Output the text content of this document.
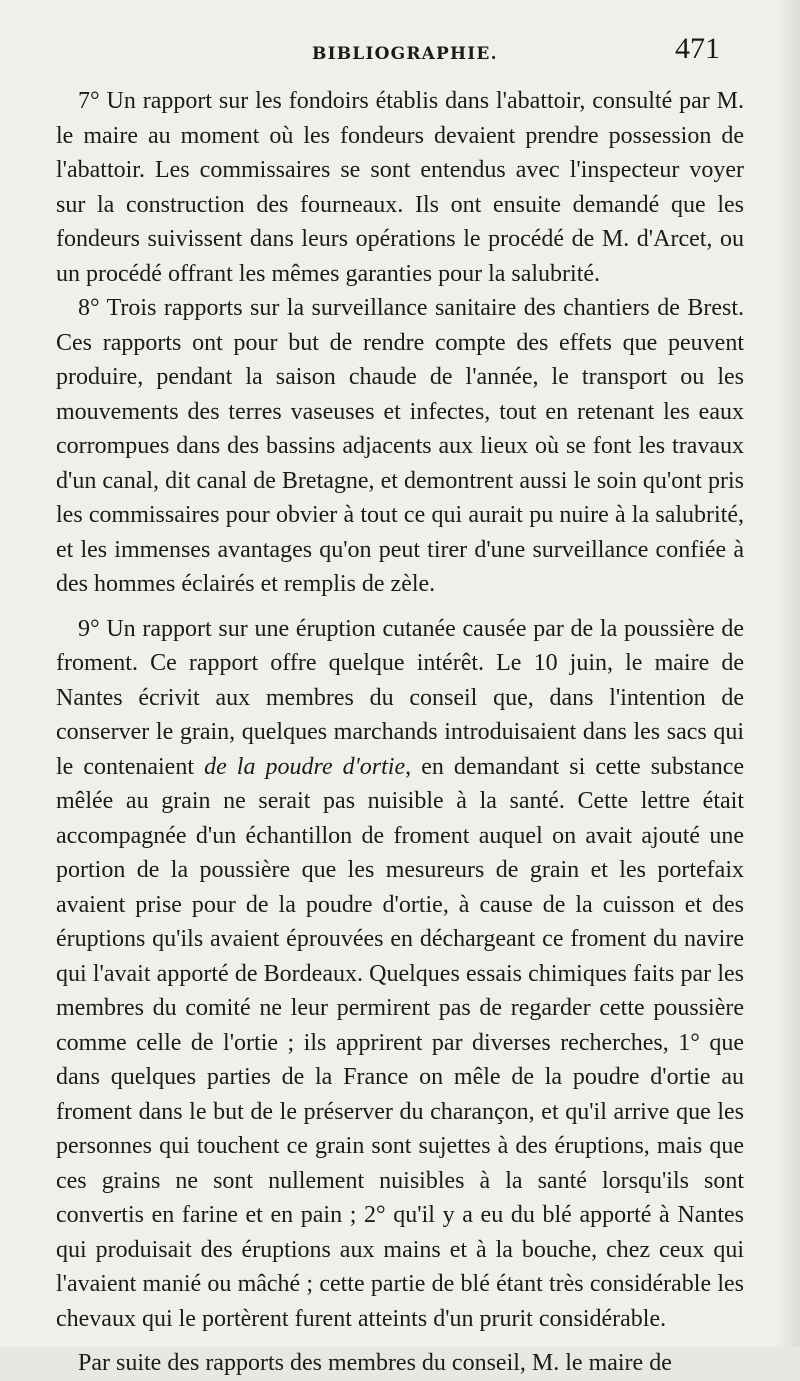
BIBLIOGRAPHIE.	471

7° Un rapport sur les fondoirs établis dans l'abattoir, consulté par M. le maire au moment où les fondeurs devaient prendre possession de l'abattoir. Les commissaires se sont entendus avec l'inspecteur voyer sur la construction des fourneaux. Ils ont ensuite demandé que les fondeurs suivissent dans leurs opérations le procédé de M. d'Arcet, ou un procédé offrant les mêmes garanties pour la salubrité.

8° Trois rapports sur la surveillance sanitaire des chantiers de Brest. Ces rapports ont pour but de rendre compte des effets que peuvent produire, pendant la saison chaude de l'année, le transport ou les mouvements des terres vaseuses et infectes, tout en retenant les eaux corrompues dans des bassins adjacents aux lieux où se font les travaux d'un canal, dit canal de Bretagne, et demontrent aussi le soin qu'ont pris les commissaires pour obvier à tout ce qui aurait pu nuire à la salubrité, et les immenses avantages qu'on peut tirer d'une surveillance confiée à des hommes éclairés et remplis de zèle.

9° Un rapport sur une éruption cutanée causée par de la poussière de froment. Ce rapport offre quelque intérêt. Le 10 juin, le maire de Nantes écrivit aux membres du conseil que, dans l'intention de conserver le grain, quelques marchands introduisaient dans les sacs qui le contenaient de la poudre d'ortie, en demandant si cette substance mêlée au grain ne serait pas nuisible à la santé. Cette lettre était accompagnée d'un échantillon de froment auquel on avait ajouté une portion de la poussière que les mesureurs de grain et les portefaix avaient prise pour de la poudre d'ortie, à cause de la cuisson et des éruptions qu'ils avaient éprouvées en déchargeant ce froment du navire qui l'avait apporté de Bordeaux. Quelques essais chimiques faits par les membres du comité ne leur permirent pas de regarder cette poussière comme celle de l'ortie ; ils apprirent par diverses recherches, 1° que dans quelques parties de la France on mêle de la poudre d'ortie au froment dans le but de le préserver du charançon, et qu'il arrive que les personnes qui touchent ce grain sont sujettes à des éruptions, mais que ces grains ne sont nullement nuisibles à la santé lorsqu'ils sont convertis en farine et en pain ; 2° qu'il y a eu du blé apporté à Nantes qui produisait des éruptions aux mains et à la bouche, chez ceux qui l'avaient manié ou mâché ; cette partie de blé étant très considérable les chevaux qui le portèrent furent atteints d'un prurit considérable.

Par suite des rapports des membres du conseil, M. le maire de
